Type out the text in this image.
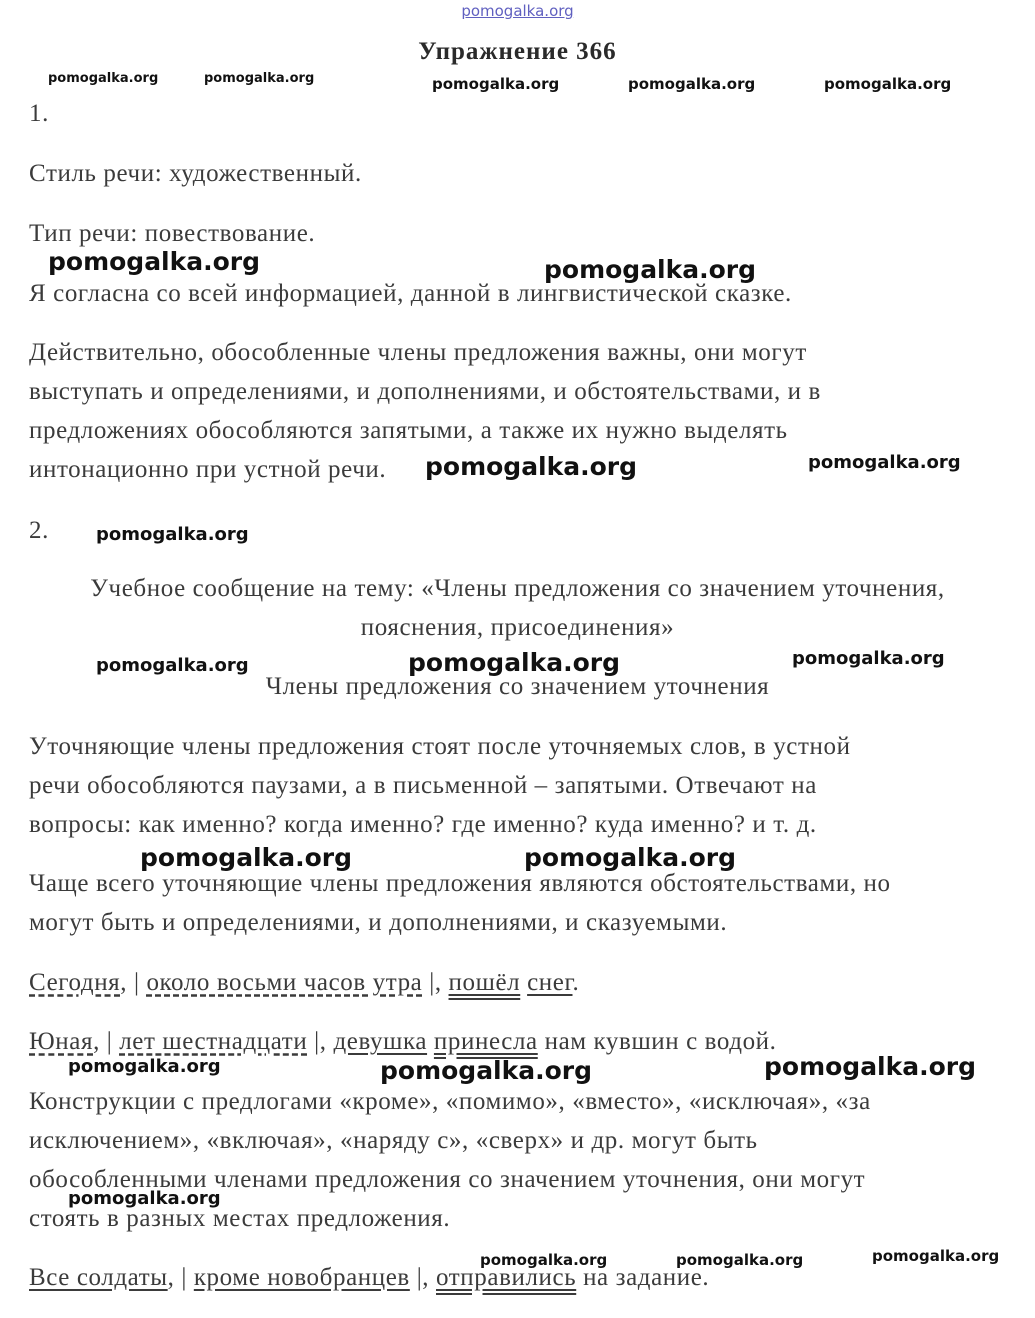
pomogalka.org
Упражнение 366
1.
Стиль речи: художественный.
Тип речи: повествование.
Я согласна со всей информацией, данной в лингвистической сказке.
Действительно, обособленные члены предложения важны, они могут
выступать и определениями, и дополнениями, и обстоятельствами, и в
предложениях обособляются запятыми, а также их нужно выделять
интонационно при устной речи.
2.
Учебное сообщение на тему: «Члены предложения со значением уточнения,
пояснения, присоединения»
Члены предложения со значением уточнения
Уточняющие члены предложения стоят после уточняемых слов, в устной
речи обособляются паузами, а в письменной – запятыми. Отвечают на
вопросы: как именно? когда именно? где именно? куда именно? и т. д.
Чаще всего уточняющие члены предложения являются обстоятельствами, но
могут быть и определениями, и дополнениями, и сказуемыми.
Сегодня, | около восьми часов утра |, пошёл снег.
Юная, | лет шестнадцати |, девушка принесла нам кувшин с водой.
Конструкции с предлогами «кроме», «помимо», «вместо», «исключая», «за
исключением», «включая», «наряду с», «сверх» и др. могут быть
обособленными членами предложения со значением уточнения, они могут
стоять в разных местах предложения.
Все солдаты, | кроме новобранцев |, отправились на задание.
pomogalka.org	pomogalka.org	pomogalka.org	pomogalka.org	pomogalka.org
pomogalka.org	pomogalka.org
pomogalka.org	pomogalka.org
pomogalka.org
pomogalka.org	pomogalka.org	pomogalka.org
pomogalka.org	pomogalka.org
pomogalka.org	pomogalka.org	pomogalka.org
pomogalka.org
pomogalka.org	pomogalka.org	pomogalka.org
